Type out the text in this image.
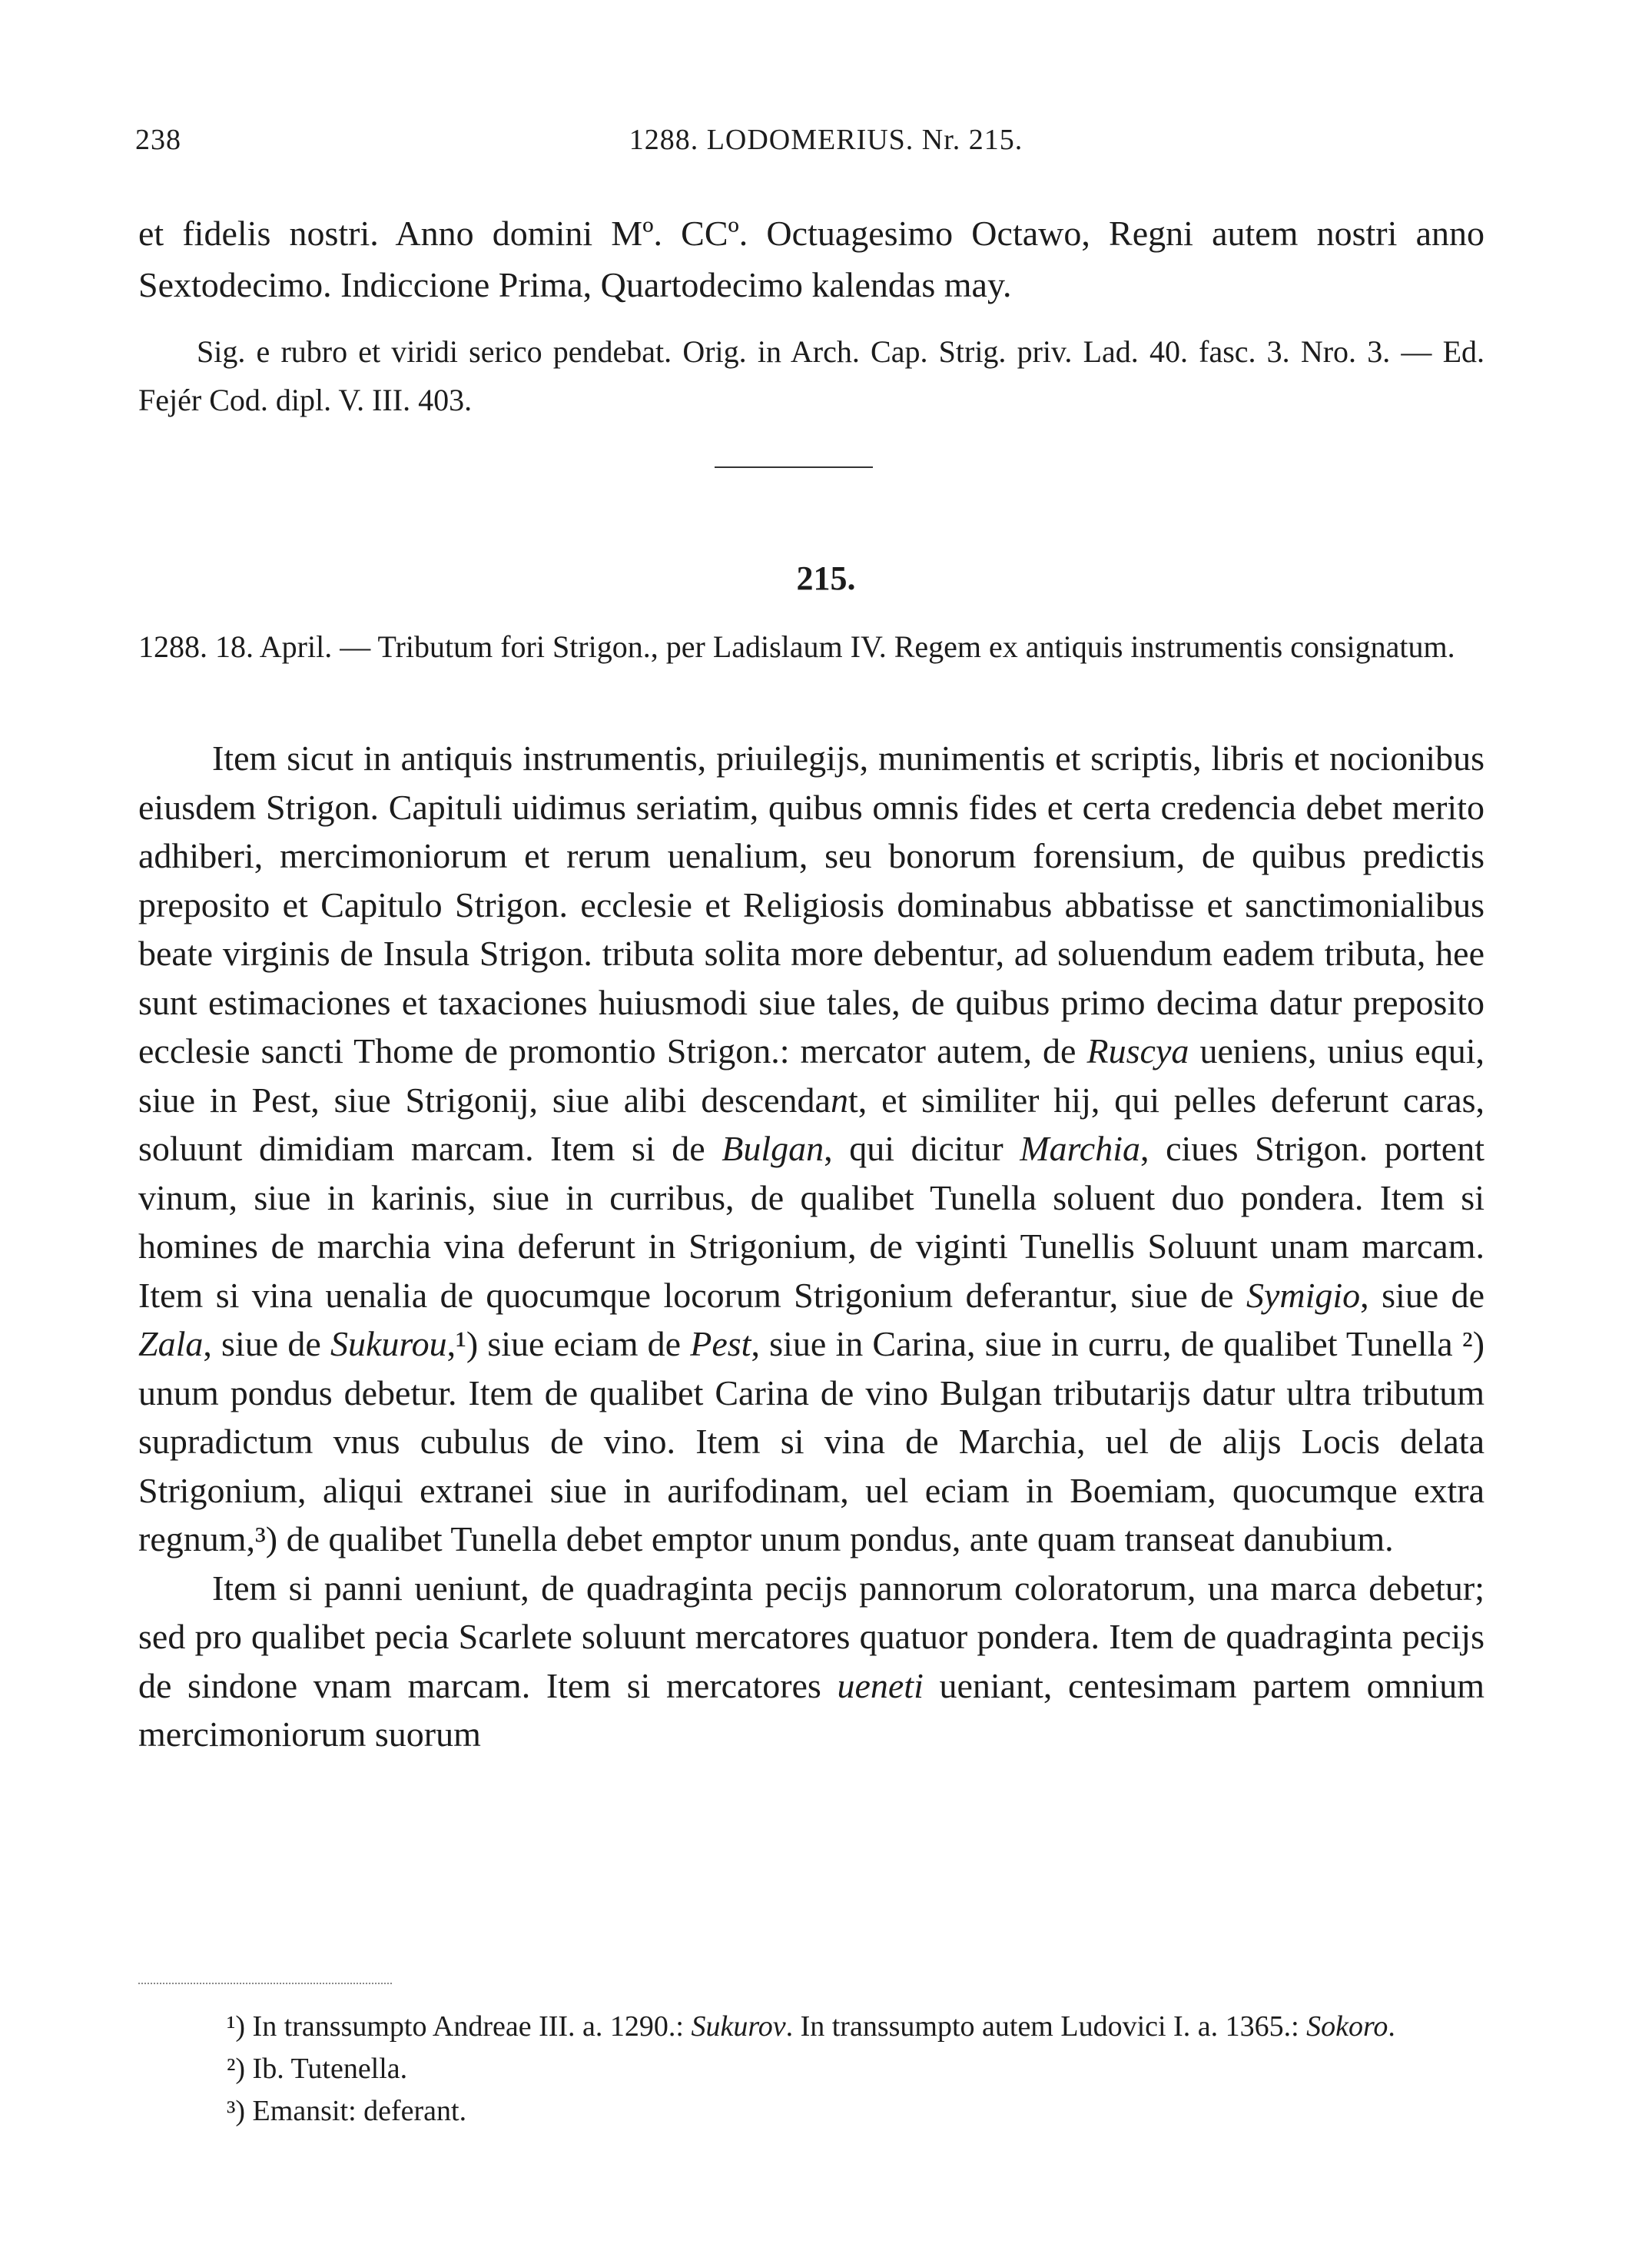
238	1288. LODOMERIUS. Nr. 215.
et fidelis nostri. Anno domini Mº. CCº. Octuagesimo Octawo, Regni autem nostri anno Sextodecimo. Indiccione Prima, Quartodecimo kalendas may.
Sig. e rubro et viridi serico pendebat. Orig. in Arch. Cap. Strig. priv. Lad. 40. fasc. 3. Nro. 3. — Ed. Fejér Cod. dipl. V. III. 403.
215.
1288. 18. April. — Tributum fori Strigon., per Ladislaum IV. Regem ex antiquis instrumentis consignatum.

Item sicut in antiquis instrumentis, priuilegijs, munimentis et scriptis, libris et nocionibus eiusdem Strigon. Capituli uidimus seriatim, quibus omnis fides et certa credencia debet merito adhiberi, mercimoniorum et rerum uenalium, seu bonorum forensium, de quibus predictis preposito et Capitulo Strigon. ecclesie et Religiosis dominabus abbatisse et sanctimonialibus beate virginis de Insula Strigon. tributa solita more debentur, ad soluendum eadem tributa, hee sunt estimaciones et taxaciones huiusmodi siue tales, de quibus primo decima datur preposito ecclesie sancti Thome de promontio Strigon.: mercator autem, de Ruscya ueniens, unius equi, siue in Pest, siue Strigonij, siue alibi descendant, et similiter hij, qui pelles deferunt caras, soluunt dimidiam marcam. Item si de Bulgan, qui dicitur Marchia, ciues Strigon. portent vinum, siue in karinis, siue in curribus, de qualibet Tunella soluent duo pondera. Item si homines de marchia vina deferunt in Strigonium, de viginti Tunellis Soluunt unam marcam. Item si vina uenalia de quocumque locorum Strigonium deferantur, siue de Symigio, siue de Zala, siue de Sukurou,¹) siue eciam de Pest, siue in Carina, siue in curru, de qualibet Tunella ²) unum pondus debetur. Item de qualibet Carina de vino Bulgan tributarijs datur ultra tributum supradictum vnus cubulus de vino. Item si vina de Marchia, uel de alijs Locis delata Strigonium, aliqui extranei siue in aurifodinam, uel eciam in Boemiam, quocumque extra regnum,³) de qualibet Tunella debet emptor unum pondus, ante quam transeat danubium.

Item si panni ueniunt, de quadraginta pecijs pannorum coloratorum, una marca debetur; sed pro qualibet pecia Scarlete soluunt mercatores quatuor pondera. Item de quadraginta pecijs de sindone vnam marcam. Item si mercatores ueneti ueniant, centesimam partem omnium mercimoniorum suorum

¹) In transsumpto Andreae III. a. 1290.: Sukurov. In transsumpto autem Ludovici I. a. 1365.: Sokoro.

²) Ib. Tutenella.

³) Emansit: deferant.
